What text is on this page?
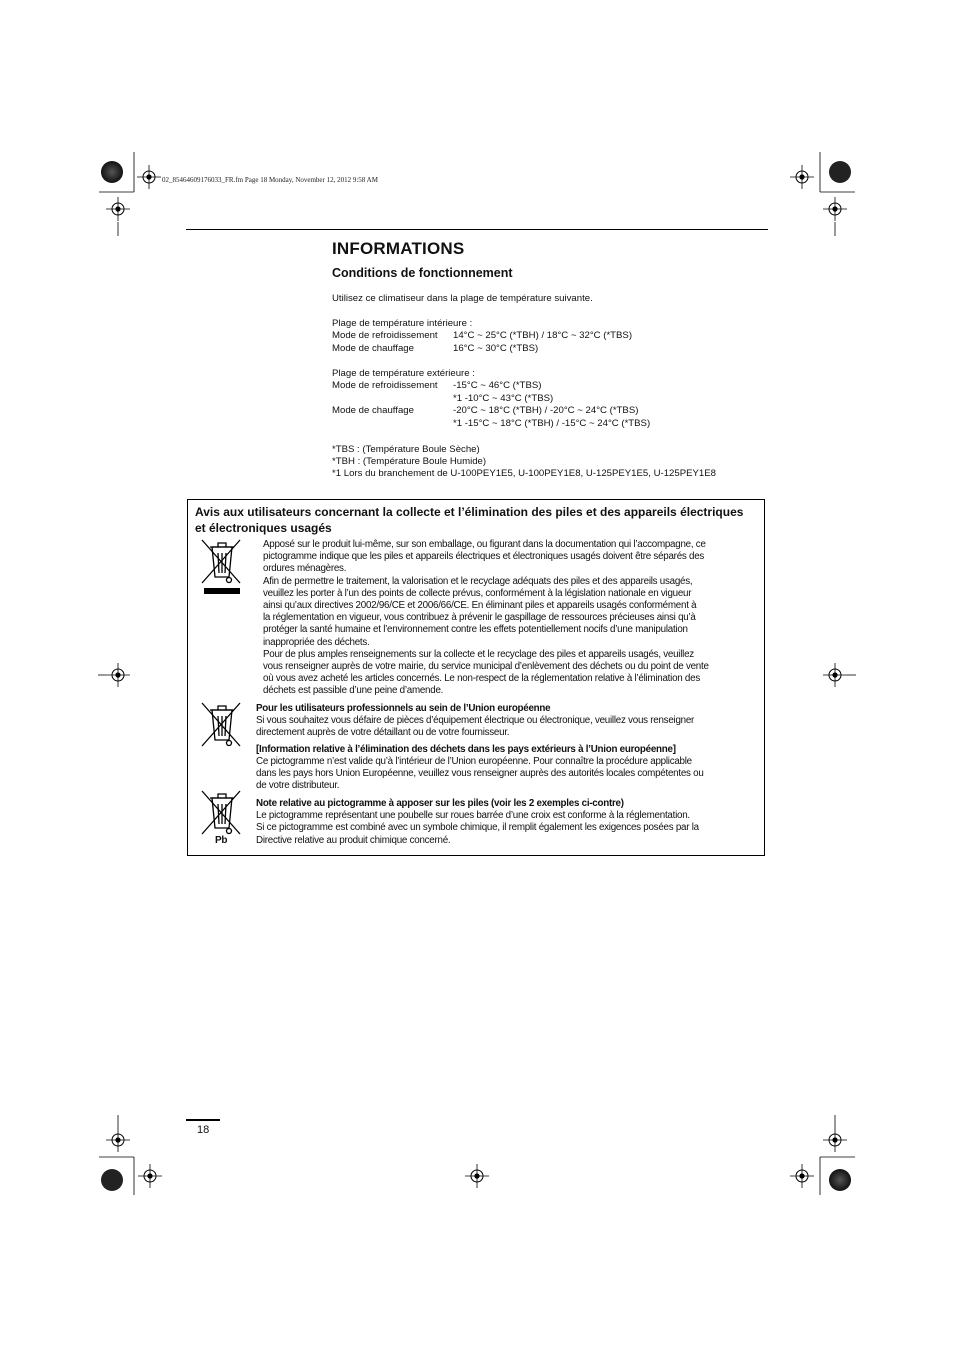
02_85464609176033_FR.fm Page 18 Monday, November 12, 2012 9:58 AM
INFORMATIONS
Conditions de fonctionnement
Utilisez ce climatiseur dans la plage de température suivante.
Plage de température intérieure :
Mode de refroidissement 14°C ~ 25°C (*TBH) / 18°C ~ 32°C (*TBS)
Mode de chauffage	16°C ~ 30°C (*TBS)
Plage de température extérieure :
Mode de refroidissement -15°C ~ 46°C (*TBS)
*1 -10°C ~ 43°C (*TBS)
Mode de chauffage	-20°C ~ 18°C (*TBH) / -20°C ~ 24°C (*TBS)
*1 -15°C ~ 18°C (*TBH) / -15°C ~ 24°C (*TBS)
*TBS : (Température Boule Sèche)
*TBH : (Température Boule Humide)
*1 Lors du branchement de U-100PEY1E5, U-100PEY1E8, U-125PEY1E5, U-125PEY1E8
Avis aux utilisateurs concernant la collecte et l’élimination des piles et des appareils électriques et électroniques usagés
Apposé sur le produit lui-même, sur son emballage, ou figurant dans la documentation qui l’accompagne, ce
pictogramme indique que les piles et appareils électriques et électroniques usagés doivent être séparés des
ordures ménagères.
Afin de permettre le traitement, la valorisation et le recyclage adéquats des piles et des appareils usagés,
veuillez les porter à l’un des points de collecte prévus, conformément à la législation nationale en vigueur
ainsi qu’aux directives 2002/96/CE et 2006/66/CE. En éliminant piles et appareils usagés conformément à
la réglementation en vigueur, vous contribuez à prévenir le gaspillage de ressources précieuses ainsi qu’à
protéger la santé humaine et l’environnement contre les effets potentiellement nocifs d’une manipulation
inappropriée des déchets.
Pour de plus amples renseignements sur la collecte et le recyclage des piles et appareils usagés, veuillez
vous renseigner auprès de votre mairie, du service municipal d’enlèvement des déchets ou du point de vente
où vous avez acheté les articles concernés. Le non-respect de la réglementation relative à l’élimination des
déchets est passible d’une peine d’amende.
Pour les utilisateurs professionnels au sein de l’Union européenne
Si vous souhaitez vous défaire de pièces d’équipement électrique ou électronique, veuillez vous renseigner
directement auprès de votre détaillant ou de votre fournisseur.
[Information relative à l’élimination des déchets dans les pays extérieurs à l’Union européenne]
Ce pictogramme n’est valide qu’à l’intérieur de l’Union européenne. Pour connaître la procédure applicable
dans les pays hors Union Européenne, veuillez vous renseigner auprès des autorités locales compétentes ou
de votre distributeur.
Pb
Note relative au pictogramme à apposer sur les piles (voir les 2 exemples ci-contre)
Le pictogramme représentant une poubelle sur roues barrée d’une croix est conforme à la réglementation.
Si ce pictogramme est combiné avec un symbole chimique, il remplit également les exigences posées par la
Directive relative au produit chimique concerné.
18
